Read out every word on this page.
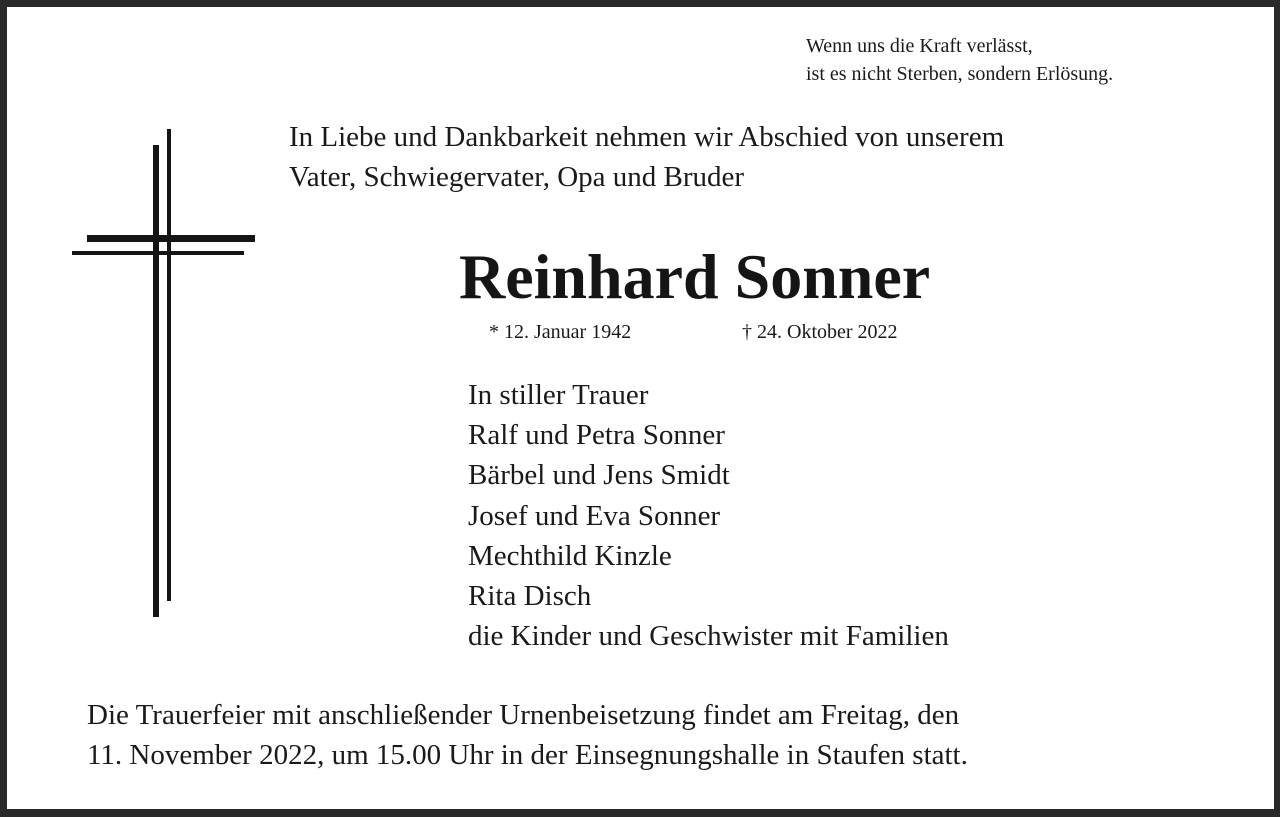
Wenn uns die Kraft verlässt,
ist es nicht Sterben, sondern Erlösung.
In Liebe und Dankbarkeit nehmen wir Abschied von unserem
Vater, Schwiegervater, Opa und Bruder
Reinhard Sonner
* 12. Januar 1942	† 24. Oktober 2022
In stiller Trauer
Ralf und Petra Sonner
Bärbel und Jens Smidt
Josef und Eva Sonner
Mechthild Kinzle
Rita Disch
die Kinder und Geschwister mit Familien
Die Trauerfeier mit anschließender Urnenbeisetzung findet am Freitag, den
11. November 2022, um 15.00 Uhr in der Einsegnungshalle in Staufen statt.
